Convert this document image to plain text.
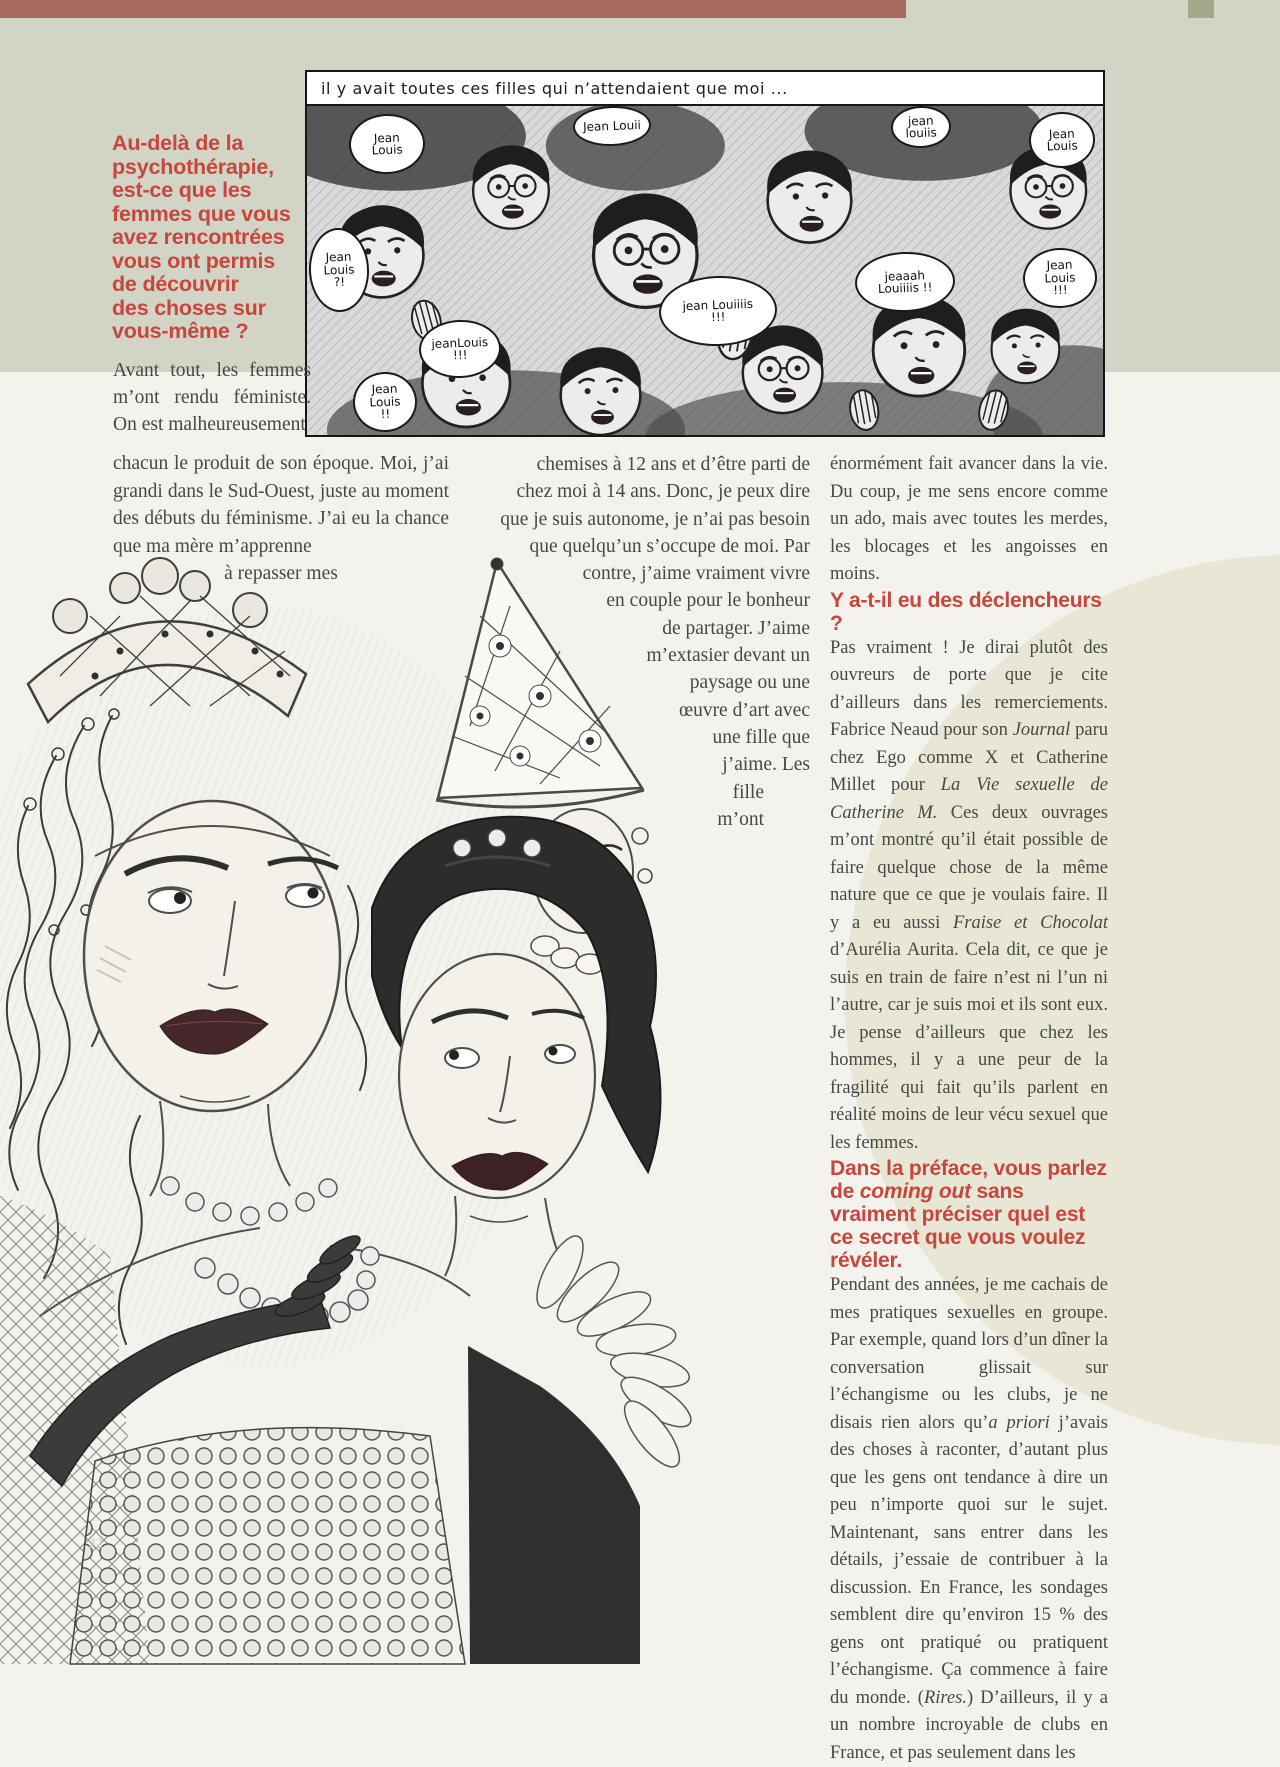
il y avait toutes ces filles qui n’attendaient que moi ...
Jean
Louis
Jean Louii	jean
louiis	Jean
Louis
Jean
Louis
?!
jeanLouis
!!!
Jean
Louis
!!
jean Louiiiis
!!!
jeaaah
Louiiiis !!
Jean
Louis
!!!
Au-delà de la
psychothérapie,
est-ce que les
femmes que vous
avez rencontrées
vous ont permis
de découvrir
des choses sur
vous-même ?
Avant tout, les femmes m’ont rendu féministe. On est malheureusement
chacun le produit de son époque. Moi, j’ai grandi dans le Sud-Ouest, juste au moment des débuts du féminisme. J’ai eu la chance que ma mère m’apprenne
à repasser mes
chemises à 12 ans et d’être parti de
chez moi à 14 ans. Donc, je peux dire
que je suis autonome, je n’ai pas besoin
que quelqu’un s’occupe de moi. Par
contre, j’aime vraiment vivre
en couple pour le bonheur
de partager. J’aime
m’extasier devant un
paysage ou une
œuvre d’art avec
une fille que
j’aime. Les
fille
m’ont

énormément fait avancer dans la vie. Du coup, je me sens encore comme un ado, mais avec toutes les merdes, les blocages et les angoisses en moins.

Y a-t-il eu des déclencheurs ?

Pas vraiment ! Je dirai plutôt des ouvreurs de porte que je cite d’ailleurs dans les remerciements. Fabrice Neaud pour son Journal paru chez Ego comme X et Catherine Millet pour La Vie sexuelle de Catherine M. Ces deux ouvrages m’ont montré qu’il était possible de faire quelque chose de la même nature que ce que je voulais faire. Il y a eu aussi Fraise et Chocolat d’Aurélia Aurita. Cela dit, ce que je suis en train de faire n’est ni l’un ni l’autre, car je suis moi et ils sont eux. Je pense d’ailleurs que chez les hommes, il y a une peur de la fragilité qui fait qu’ils parlent en réalité moins de leur vécu sexuel que les femmes.

Dans la préface, vous parlez de coming out sans vraiment préciser quel est ce secret que vous voulez révéler.

Pendant des années, je me cachais de mes pratiques sexuelles en groupe. Par exemple, quand lors d’un dîner la conversation glissait sur l’échangisme ou les clubs, je ne disais rien alors qu’a priori j’avais des choses à raconter, d’autant plus que les gens ont tendance à dire un peu n’importe quoi sur le sujet. Maintenant, sans entrer dans les détails, j’essaie de contribuer à la discussion. En France, les sondages semblent dire qu’environ 15 % des gens ont pratiqué ou pratiquent l’échangisme. Ça commence à faire du monde. (Rires.) D’ailleurs, il y a un nombre incroyable de clubs en France, et pas seulement dans les

22
